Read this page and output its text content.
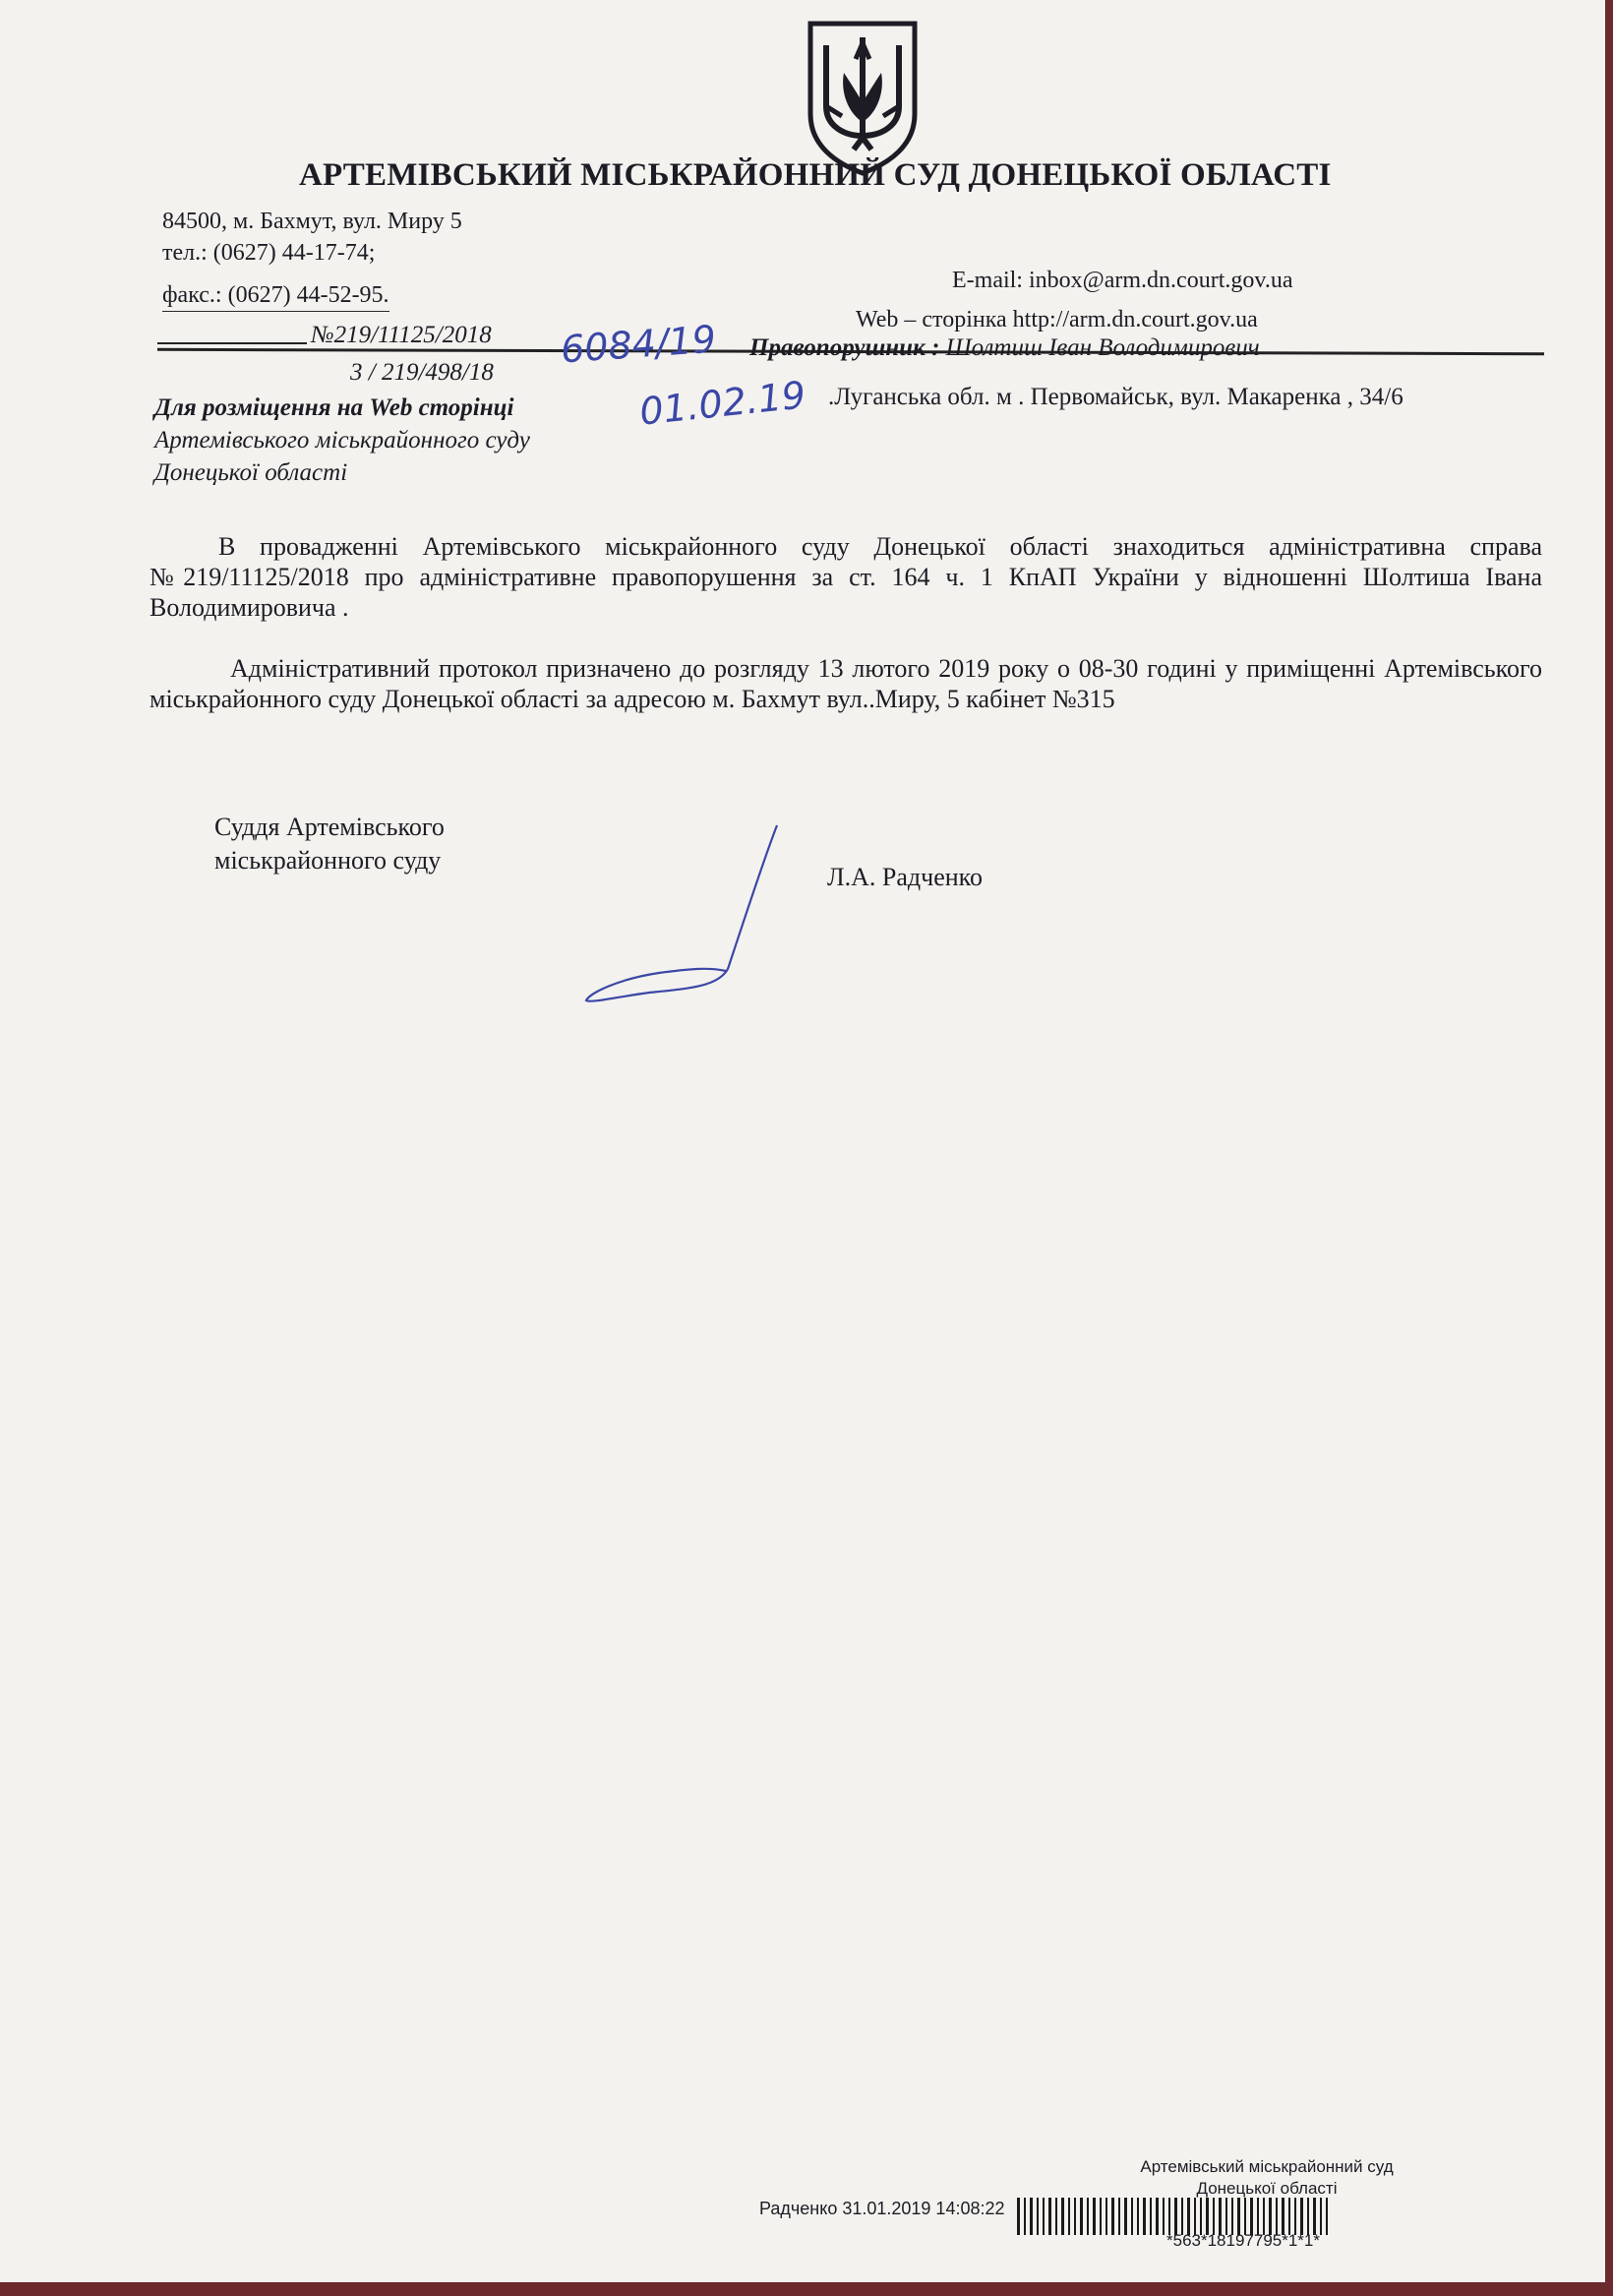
АРТЕМІВСЬКИЙ МІСЬКРАЙОННИЙ СУД ДОНЕЦЬКОЇ ОБЛАСТІ
84500, м. Бахмут, вул. Миру 5
тел.: (0627) 44-17-74;
факс.: (0627) 44-52-95.
E-mail: inbox@arm.dn.court.gov.ua
Web – сторінка http://arm.dn.court.gov.ua
№219/11125/2018
3 / 219/498/18
6084/19
01.02.19
Правопорушник : Шолтиш Іван Володимирович
.Луганська обл. м . Первомайськ, вул. Макаренка , 34/6
Для розміщення на Web сторінці
Артемівського міськрайонного суду Донецької області
В провадженні Артемівського міськрайонного суду Донецької області знаходиться адміністративна справа №219/11125/2018 про адміністративне правопорушення за ст. 164 ч. 1 КпАП України у відношенні Шолтиша Івана Володимировича .
Адміністративний протокол призначено до розгляду 13 лютого 2019 року о 08-30 годині у приміщенні Артемівського міськрайонного суду Донецької області за адресою м. Бахмут вул..Миру, 5 кабінет №315
Суддя Артемівського міськрайонного суду
Л.А. Радченко
Артемівський міськрайонний суд Донецької області
Радченко 31.01.2019 14:08:22
*563*18197795*1*1*
